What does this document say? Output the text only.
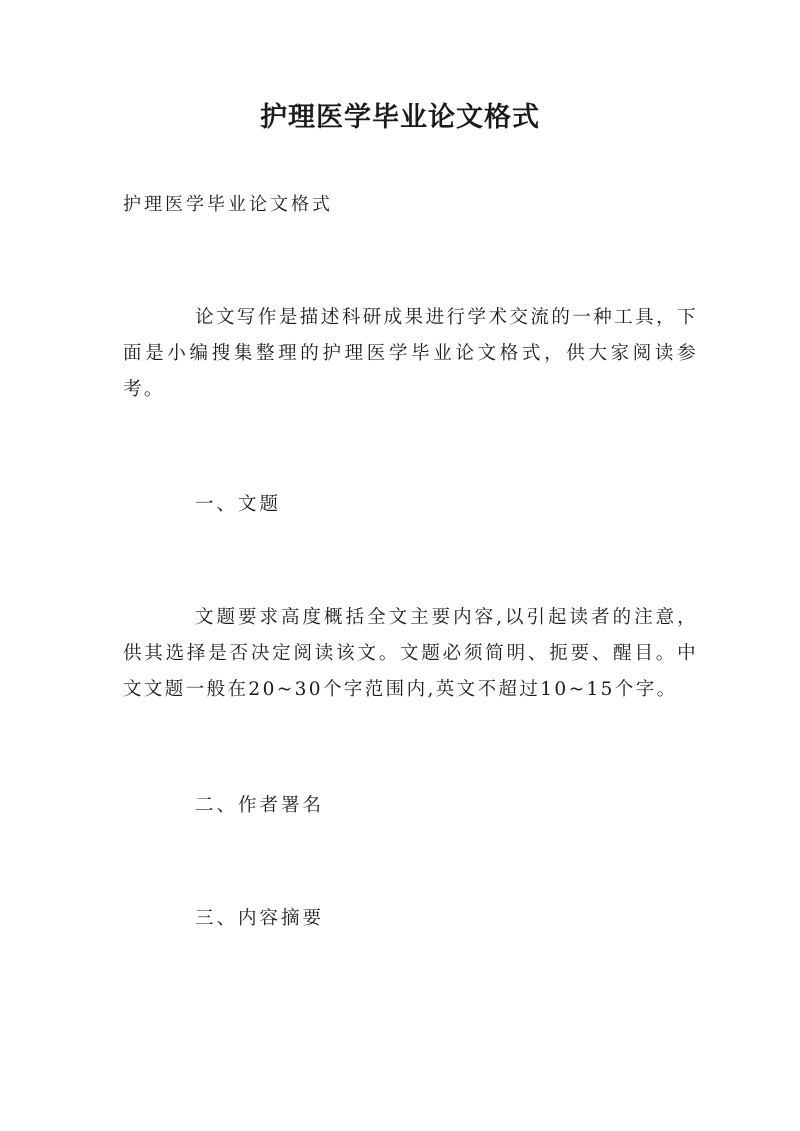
护理医学毕业论文格式

护理医学毕业论文格式

论文写作是描述科研成果进行学术交流的一种工具，下面是小编搜集整理的护理医学毕业论文格式，供大家阅读参考。

一、文题

文题要求高度概括全文主要内容,以引起读者的注意，供其选择是否决定阅读该文。文题必须简明、扼要、醒目。中文文题一般在20~30个字范围内,英文不超过10~15个字。

二、作者署名

三、内容摘要
